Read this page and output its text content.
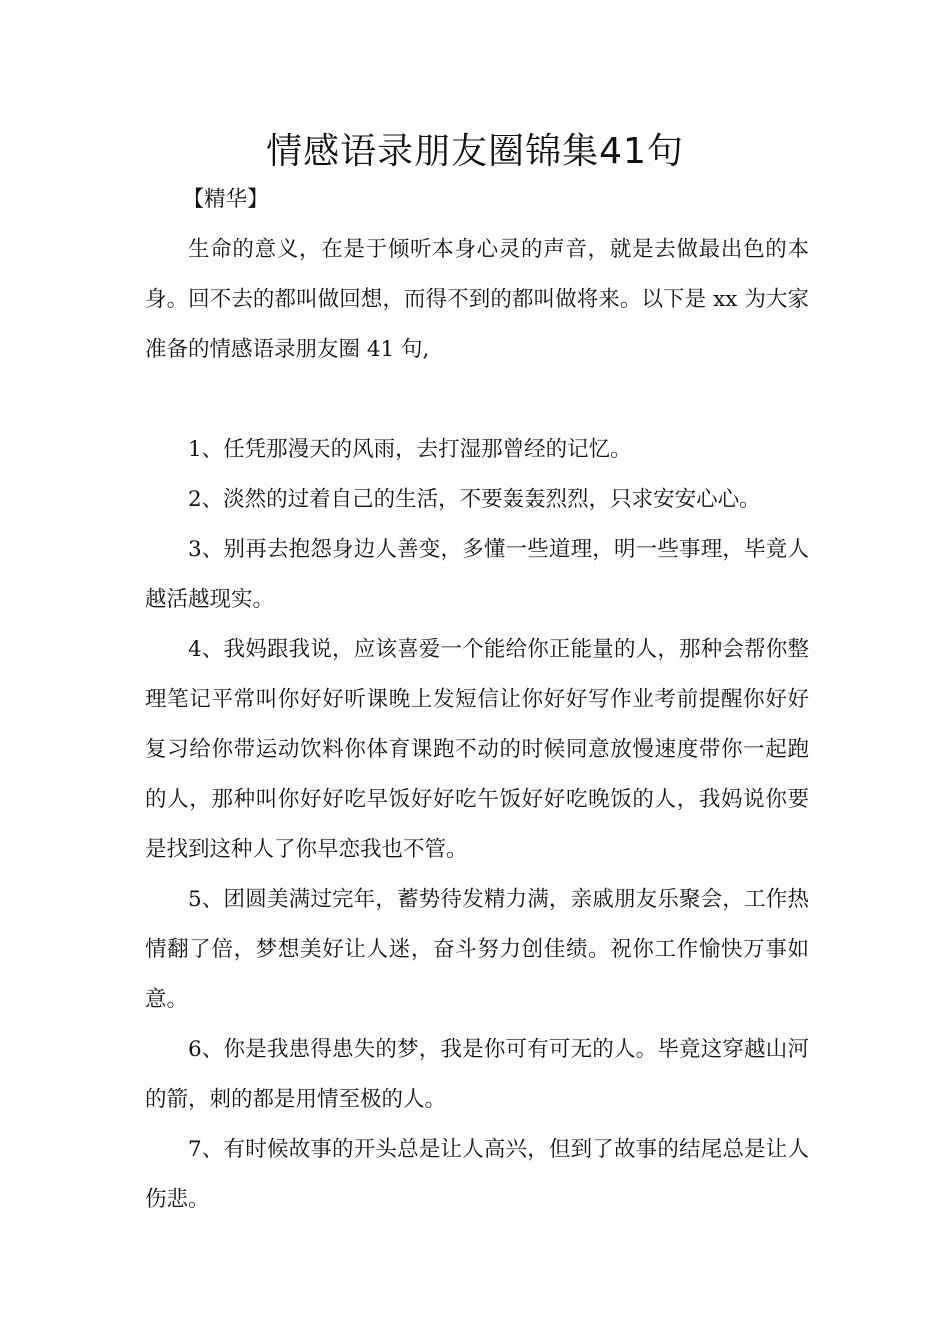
情感语录朋友圈锦集41句

【精华】

生命的意义，在是于倾听本身心灵的声音，就是去做最出色的本身。回不去的都叫做回想，而得不到的都叫做将来。以下是 xx 为大家准备的情感语录朋友圈 41 句,

1、任凭那漫天的风雨，去打湿那曾经的记忆。

2、淡然的过着自己的生活，不要轰轰烈烈，只求安安心心。

3、别再去抱怨身边人善变，多懂一些道理，明一些事理，毕竟人越活越现实。

4、我妈跟我说，应该喜爱一个能给你正能量的人，那种会帮你整理笔记平常叫你好好听课晚上发短信让你好好写作业考前提醒你好好复习给你带运动饮料你体育课跑不动的时候同意放慢速度带你一起跑的人，那种叫你好好吃早饭好好吃午饭好好吃晚饭的人，我妈说你要是找到这种人了你早恋我也不管。

5、团圆美满过完年，蓄势待发精力满，亲戚朋友乐聚会，工作热情翻了倍，梦想美好让人迷，奋斗努力创佳绩。祝你工作愉快万事如意。

6、你是我患得患失的梦，我是你可有可无的人。毕竟这穿越山河的箭，刺的都是用情至极的人。

7、有时候故事的开头总是让人高兴，但到了故事的结尾总是让人伤悲。
